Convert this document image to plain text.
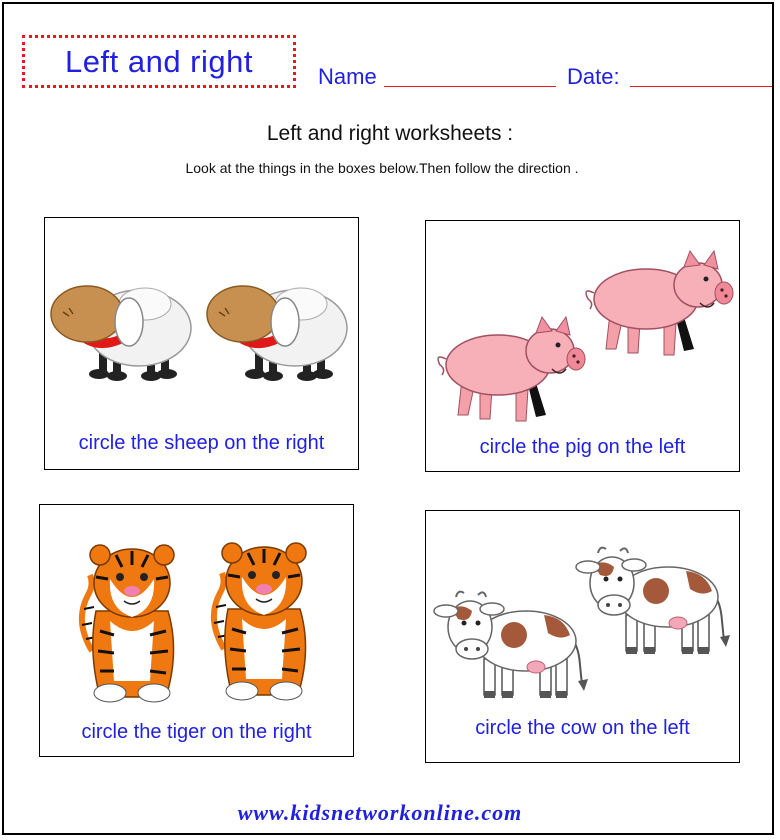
Left and right	Name	Date:
Left and right worksheets :
Look at the things in the boxes below.Then follow the direction .
circle the sheep on the right	circle the pig on the left
circle the tiger on the right	circle the cow on the left
www.kidsnetworkonline.com
